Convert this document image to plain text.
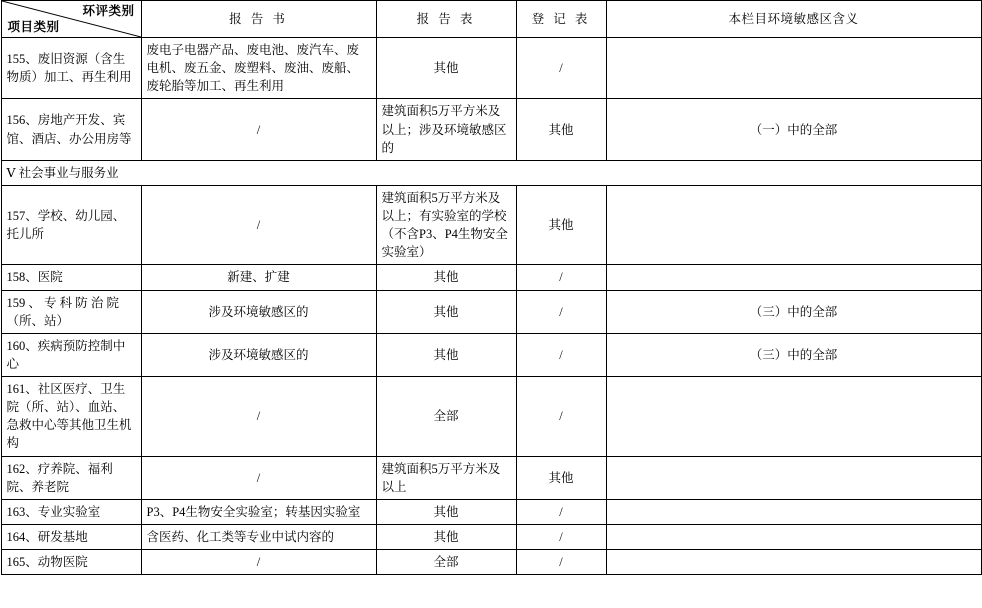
环评类别
项目类别	报 告 书	报 告 表	登 记 表	本栏目环境敏感区含义
155、废旧资源（含生物质）加工、再生利用	废电子电器产品、废电池、废汽车、废电机、废五金、废塑料、废油、废船、废轮胎等加工、再生利用	其他	/	
156、房地产开发、宾馆、酒店、办公用房等	/	建筑面积5万平方米及以上；涉及环境敏感区的	其他	（一）中的全部
Ⅴ 社会事业与服务业				
157、学校、幼儿园、托儿所	/	建筑面积5万平方米及以上；有实验室的学校（不含P3、P4生物安全实验室）	其他	
158、医院	新建、扩建	其他	/	
159 、 专 科 防 治 院（所、站）	涉及环境敏感区的	其他	/	（三）中的全部
160、疾病预防控制中心	涉及环境敏感区的	其他	/	（三）中的全部
161、社区医疗、卫生院（所、站）、血站、急救中心等其他卫生机构	/	全部	/	
162、疗养院、福利院、养老院	/	建筑面积5万平方米及以上	其他	
163、专业实验室	P3、P4生物安全实验室；转基因实验室	其他	/	
164、研发基地	含医药、化工类等专业中试内容的	其他	/	
165、动物医院	/	全部	/	
